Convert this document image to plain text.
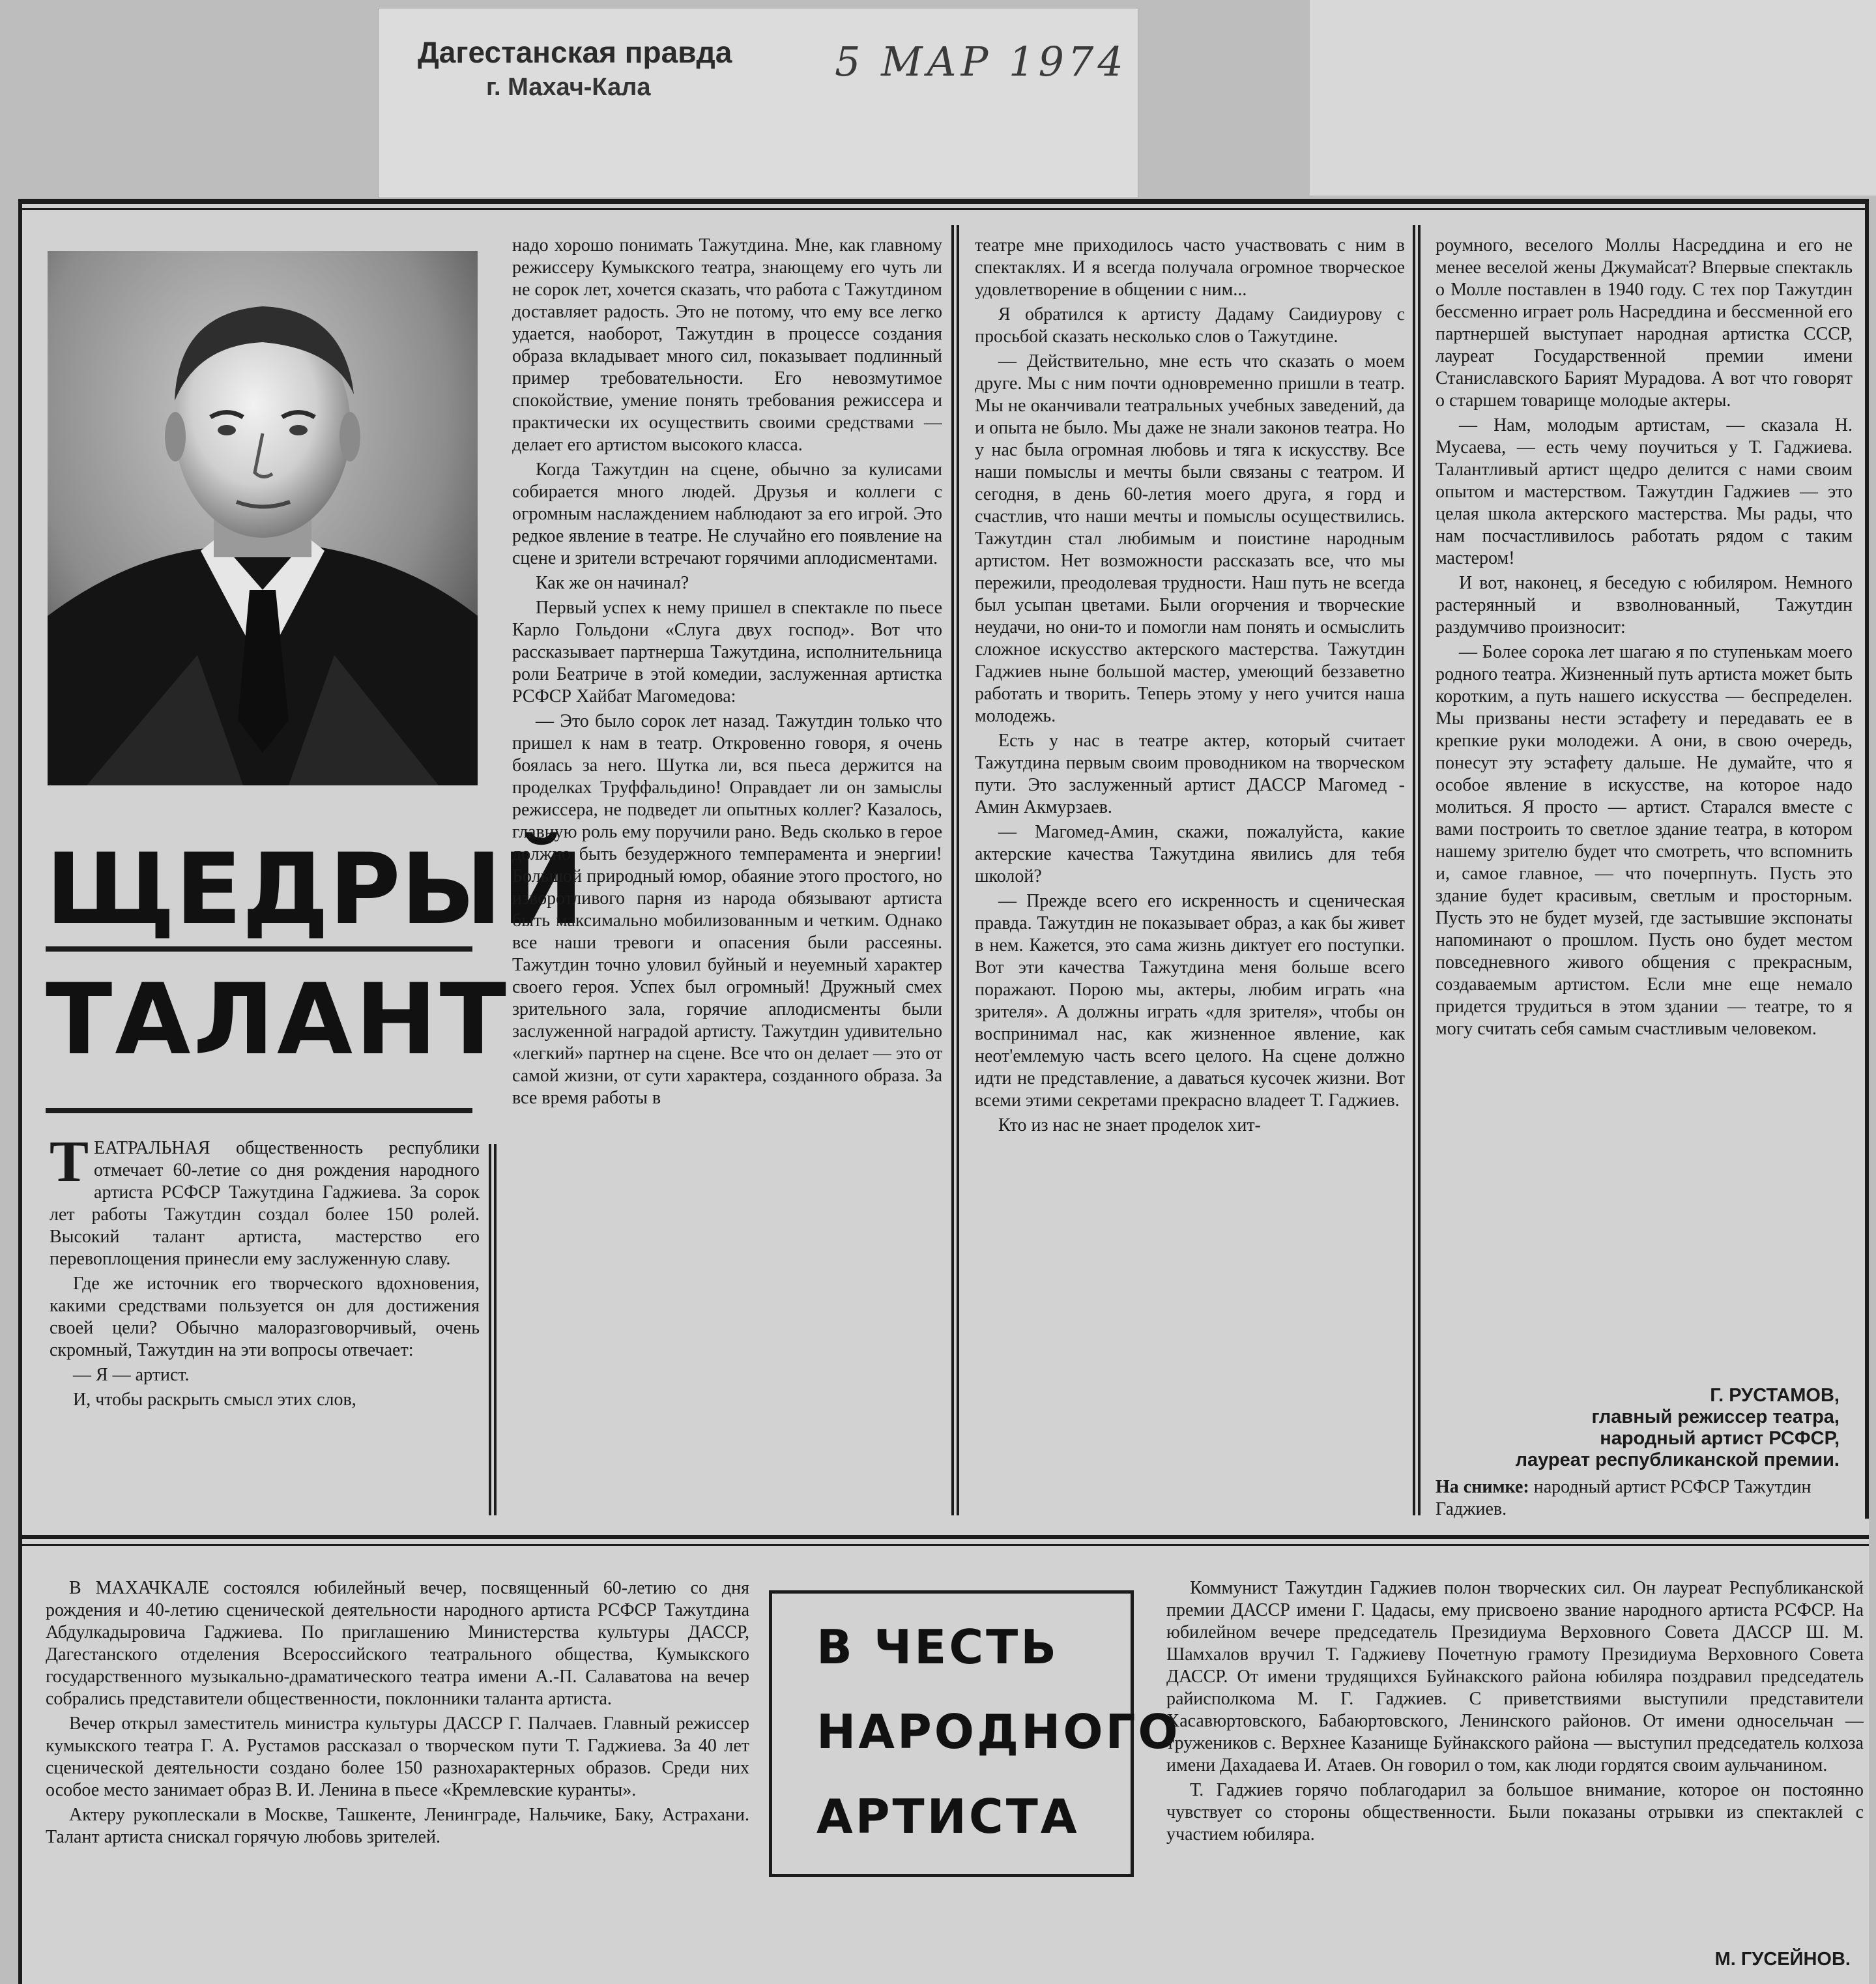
Дагестанская правда
г. Махач-Кала
5 МАР 1974
ЩЕДРЫЙ
ТАЛАНТ

ТЕАТРАЛЬНАЯ общественность республики отмечает 60-летие со дня рождения народного артиста РСФСР Тажутдина Гаджиева. За сорок лет работы Тажутдин создал более 150 ролей. Высокий талант артиста, мастерство его перевоплощения принесли ему заслуженную славу.

Где же источник его творческого вдохновения, какими средствами пользуется он для достижения своей цели? Обычно малоразговорчивый, очень скромный, Тажутдин на эти вопросы отвечает:

— Я — артист.

И, чтобы раскрыть смысл этих слов,

надо хорошо понимать Тажутдина. Мне, как главному режиссеру Кумыкского театра, знающему его чуть ли не сорок лет, хочется сказать, что работа с Тажутдином доставляет радость. Это не потому, что ему все легко удается, наоборот, Тажутдин в процессе создания образа вкладывает много сил, показывает подлинный пример требовательности. Его невозмутимое спокойствие, умение понять требования режиссера и практически их осуществить своими средствами — делает его артистом высокого класса.

Когда Тажутдин на сцене, обычно за кулисами собирается много людей. Друзья и коллеги с огромным наслаждением наблюдают за его игрой. Это редкое явление в театре. Не случайно его появление на сцене и зрители встречают горячими аплодисментами.

Как же он начинал?

Первый успех к нему пришел в спектакле по пьесе Карло Гольдони «Слуга двух господ». Вот что рассказывает партнерша Тажутдина, исполнительница роли Беатриче в этой комедии, заслуженная артистка РСФСР Хайбат Магомедова:

— Это было сорок лет назад. Тажутдин только что пришел к нам в театр. Откровенно говоря, я очень боялась за него. Шутка ли, вся пьеса держится на проделках Труффальдино! Оправдает ли он замыслы режиссера, не подведет ли опытных коллег? Казалось, главную роль ему поручили рано. Ведь сколько в герое должно быть безудержного темперамента и энергии! Большой природный юмор, обаяние этого простого, но изворотливого парня из народа обязывают артиста быть максимально мобилизованным и четким. Однако все наши тревоги и опасения были рассеяны. Тажутдин точно уловил буйный и неуемный характер своего героя. Успех был огромный! Дружный смех зрительного зала, горячие аплодисменты были заслуженной наградой артисту. Тажутдин удивительно «легкий» партнер на сцене. Все что он делает — это от самой жизни, от сути характера, созданного образа. За все время работы в

театре мне приходилось часто участвовать с ним в спектаклях. И я всегда получала огромное творческое удовлетворение в общении с ним...

Я обратился к артисту Дадаму Саидиурову с просьбой сказать несколько слов о Тажутдине.

— Действительно, мне есть что сказать о моем друге. Мы с ним почти одновременно пришли в театр. Мы не оканчивали театральных учебных заведений, да и опыта не было. Мы даже не знали законов театра. Но у нас была огромная любовь и тяга к искусству. Все наши помыслы и мечты были связаны с театром. И сегодня, в день 60-летия моего друга, я горд и счастлив, что наши мечты и помыслы осуществились. Тажутдин стал любимым и поистине народным артистом. Нет возможности рассказать все, что мы пережили, преодолевая трудности. Наш путь не всегда был усыпан цветами. Были огорчения и творческие неудачи, но они-то и помогли нам понять и осмыслить сложное искусство актерского мастерства. Тажутдин Гаджиев ныне большой мастер, умеющий беззаветно работать и творить. Теперь этому у него учится наша молодежь.

Есть у нас в театре актер, который считает Тажутдина первым своим проводником на творческом пути. Это заслуженный артист ДАССР Магомед - Амин Акмурзаев.

— Магомед-Амин, скажи, пожалуйста, какие актерские качества Тажутдина явились для тебя школой?

— Прежде всего его искренность и сценическая правда. Тажутдин не показывает образ, а как бы живет в нем. Кажется, это сама жизнь диктует его поступки. Вот эти качества Тажутдина меня больше всего поражают. Порою мы, актеры, любим играть «на зрителя». А должны играть «для зрителя», чтобы он воспринимал нас, как жизненное явление, как неот'емлемую часть всего целого. На сцене должно идти не представление, а даваться кусочек жизни. Вот всеми этими секретами прекрасно владеет Т. Гаджиев.

Кто из нас не знает проделок хит-

роумного, веселого Моллы Насреддина и его не менее веселой жены Джумайсат? Впервые спектакль о Молле поставлен в 1940 году. С тех пор Тажутдин бессменно играет роль Насреддина и бессменной его партнершей выступает народная артистка СССР, лауреат Государственной премии имени Станиславского Барият Мурадова. А вот что говорят о старшем товарище молодые актеры.

— Нам, молодым артистам, — сказала Н. Мусаева, — есть чему поучиться у Т. Гаджиева. Талантливый артист щедро делится с нами своим опытом и мастерством. Тажутдин Гаджиев — это целая школа актерского мастерства. Мы рады, что нам посчастливилось работать рядом с таким мастером!

И вот, наконец, я беседую с юбиляром. Немного растерянный и взволнованный, Тажутдин раздумчиво произносит:

— Более сорока лет шагаю я по ступенькам моего родного театра. Жизненный путь артиста может быть коротким, а путь нашего искусства — беспределен. Мы призваны нести эстафету и передавать ее в крепкие руки молодежи. А они, в свою очередь, понесут эту эстафету дальше. Не думайте, что я особое явление в искусстве, на которое надо молиться. Я просто — артист. Старался вместе с вами построить то светлое здание театра, в котором нашему зрителю будет что смотреть, что вспомнить и, самое главное, — что почерпнуть. Пусть это здание будет красивым, светлым и просторным. Пусть это не будет музей, где застывшие экспонаты напоминают о прошлом. Пусть оно будет местом повседневного живого общения с прекрасным, создаваемым артистом. Если мне еще немало придется трудиться в этом здании — театре, то я могу считать себя самым счастливым человеком.

Г. РУСТАМОВ,
главный режиссер театра,
народный артист РСФСР,
лауреат республиканской премии.

На снимке: народный артист РСФСР Тажутдин Гаджиев.

В МАХАЧКАЛЕ состоялся юбилейный вечер, посвященный 60-летию со дня рождения и 40-летию сценической деятельности народного артиста РСФСР Тажутдина Абдулкадыровича Гаджиева. По приглашению Министерства культуры ДАССР, Дагестанского отделения Всероссийского театрального общества, Кумыкского государственного музыкально-драматического театра имени А.-П. Салаватова на вечер собрались представители общественности, поклонники таланта артиста.

Вечер открыл заместитель министра культуры ДАССР Г. Палчаев. Главный режиссер кумыкского театра Г. А. Рустамов рассказал о творческом пути Т. Гаджиева. За 40 лет сценической деятельности создано более 150 разнохарактерных образов. Среди них особое место занимает образ В. И. Ленина в пьесе «Кремлевские куранты».

Актеру рукоплескали в Москве, Ташкенте, Ленинграде, Нальчике, Баку, Астрахани. Талант артиста снискал горячую любовь зрителей.

В ЧЕСТЬ
НАРОДНОГО
АРТИСТА

Коммунист Тажутдин Гаджиев полон творческих сил. Он лауреат Республиканской премии ДАССР имени Г. Цадасы, ему присвоено звание народного артиста РСФСР. На юбилейном вечере председатель Президиума Верховного Совета ДАССР Ш. М. Шамхалов вручил Т. Гаджиеву Почетную грамоту Президиума Верховного Совета ДАССР. От имени трудящихся Буйнакского района юбиляра поздравил председатель райисполкома М. Г. Гаджиев. С приветствиями выступили представители Хасавюртовского, Бабаюртовского, Ленинского районов. От имени односельчан — тружеников с. Верхнее Казанище Буйнакского района — выступил председатель колхоза имени Дахадаева И. Атаев. Он говорил о том, как люди гордятся своим аульчанином.

Т. Гаджиев горячо поблагодарил за большое внимание, которое он постоянно чувствует со стороны общественности. Были показаны отрывки из спектаклей с участием юбиляра.

М. ГУСЕЙНОВ.
